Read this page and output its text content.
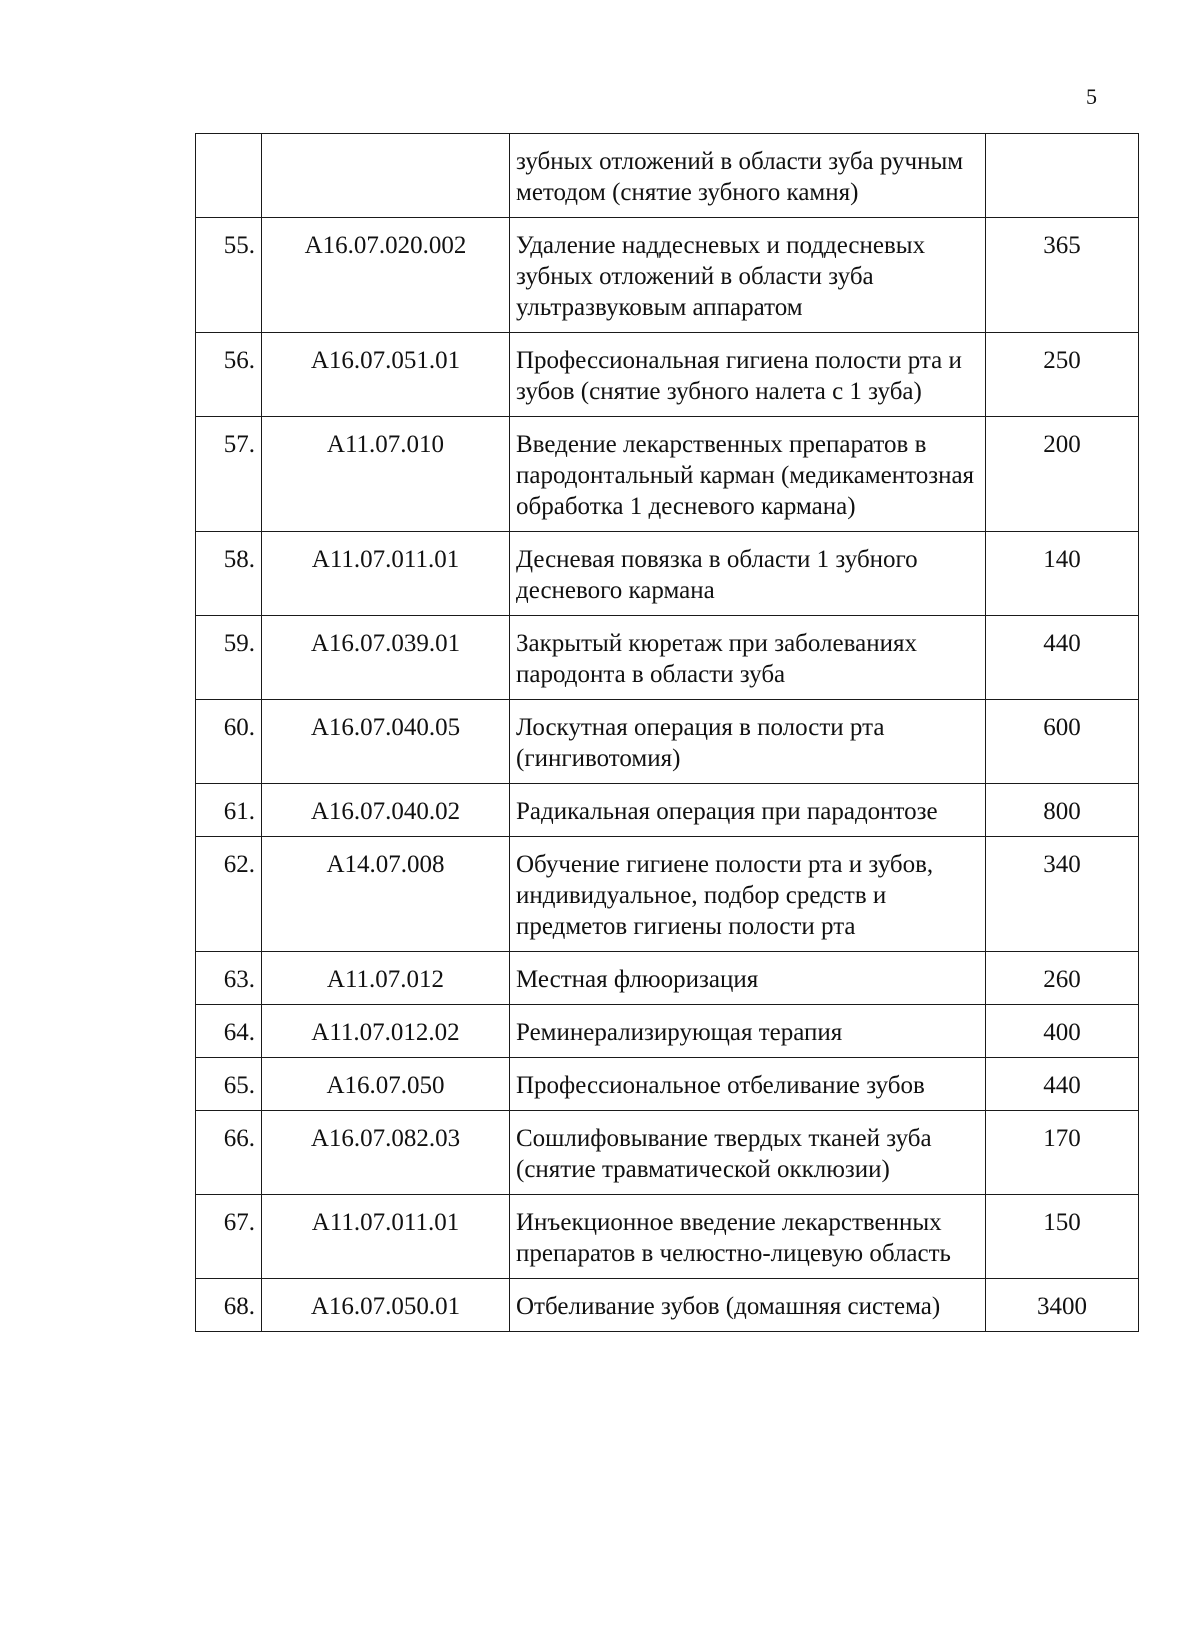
5
		зубных отложений в области зуба ручным методом (снятие зубного камня)	
55.	А16.07.020.002	Удаление наддесневых и поддесневых зубных отложений в области зуба ультразвуковым аппаратом	365
56.	А16.07.051.01	Профессиональная гигиена полости рта и зубов (снятие зубного налета с 1 зуба)	250
57.	А11.07.010	Введение лекарственных препаратов в пародонтальный карман (медикаментозная обработка 1 десневого кармана)	200
58.	А11.07.011.01	Десневая повязка в области 1 зубного десневого кармана	140
59.	А16.07.039.01	Закрытый кюретаж при заболеваниях пародонта в области зуба	440
60.	А16.07.040.05	Лоскутная операция в полости рта (гингивотомия)	600
61.	А16.07.040.02	Радикальная операция при парадонтозе	800
62.	А14.07.008	Обучение гигиене полости рта и зубов, индивидуальное, подбор средств и предметов гигиены полости рта	340
63.	А11.07.012	Местная флюоризация	260
64.	А11.07.012.02	Реминерализирующая терапия	400
65.	А16.07.050	Профессиональное отбеливание зубов	440
66.	А16.07.082.03	Сошлифовывание твердых тканей зуба (снятие травматической окклюзии)	170
67.	А11.07.011.01	Инъекционное введение лекарственных препаратов в челюстно-лицевую область	150
68.	А16.07.050.01	Отбеливание зубов (домашняя система)	3400
